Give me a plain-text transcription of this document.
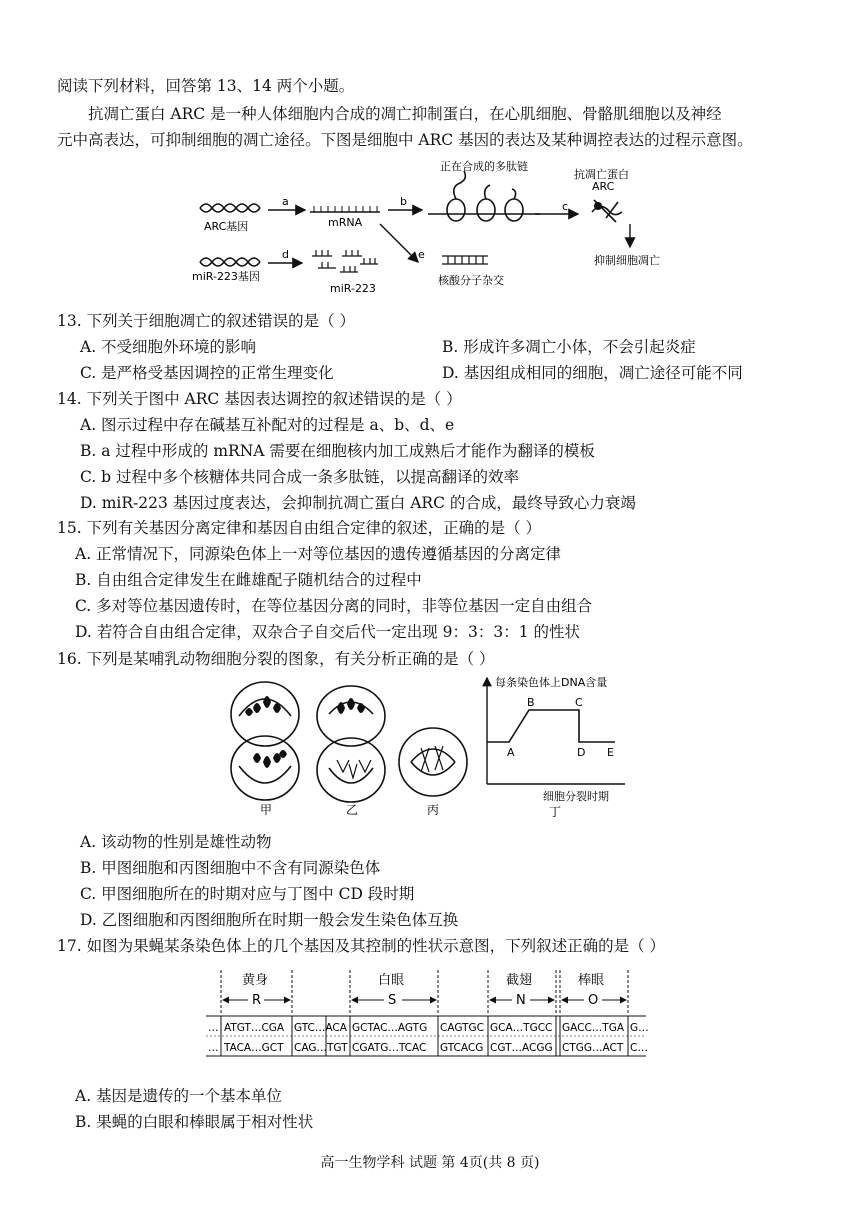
阅读下列材料，回答第 13、14 两个小题。
抗凋亡蛋白 ARC 是一种人体细胞内合成的凋亡抑制蛋白，在心肌细胞、骨骼肌细胞以及神经
元中高表达，可抑制细胞的凋亡途径。下图是细胞中 ARC 基因的表达及某种调控表达的过程示意图。
ARC基因
a
mRNA
b
正在合成的多肽链
c
抗凋亡蛋白
ARC
抑制细胞凋亡
miR-223基因
d
miR-223
e
核酸分子杂交
13. 下列关于细胞凋亡的叙述错误的是（ ）
A. 不受细胞外环境的影响	B. 形成许多凋亡小体，不会引起炎症
C. 是严格受基因调控的正常生理变化	D. 基因组成相同的细胞，凋亡途径可能不同
14. 下列关于图中 ARC 基因表达调控的叙述错误的是（ ）
A. 图示过程中存在碱基互补配对的过程是 a、b、d、e
B. a 过程中形成的 mRNA 需要在细胞核内加工成熟后才能作为翻译的模板
C. b 过程中多个核糖体共同合成一条多肽链，以提高翻译的效率
D. miR-223 基因过度表达，会抑制抗凋亡蛋白 ARC 的合成，最终导致心力衰竭
15. 下列有关基因分离定律和基因自由组合定律的叙述，正确的是（ ）
A. 正常情况下，同源染色体上一对等位基因的遗传遵循基因的分离定律
B. 自由组合定律发生在雌雄配子随机结合的过程中
C. 多对等位基因遗传时，在等位基因分离的同时，非等位基因一定自由组合
D. 若符合自由组合定律，双杂合子自交后代一定出现 9：3：3：1 的性状
16. 下列是某哺乳动物细胞分裂的图象，有关分析正确的是（ ）
甲	乙	丙
每条染色体上DNA含量
A
B	C
D E
细胞分裂时期
丁
A. 该动物的性别是雄性动物
B. 甲图细胞和丙图细胞中不含有同源染色体
C. 甲图细胞所在的时期对应与丁图中 CD 段时期
D. 乙图细胞和丙图细胞所在时期一般会发生染色体互换
17. 如图为果蝇某条染色体上的几个基因及其控制的性状示意图，下列叙述正确的是（ ）
黄身	白眼	截翅	棒眼
R	S	N	O
… ATGT…CGA GTC…ACA GCTAC…AGTG CAGTGC GCA…TGCC GACC…TGA G…
… TACA…GCT CAG…TGT CGATG…TCAC GTCACG CGT…ACGG CTGG…ACT C…
A. 基因是遗传的一个基本单位
B. 果蝇的白眼和棒眼属于相对性状
高一生物学科 试题 第 4页(共 8 页)
